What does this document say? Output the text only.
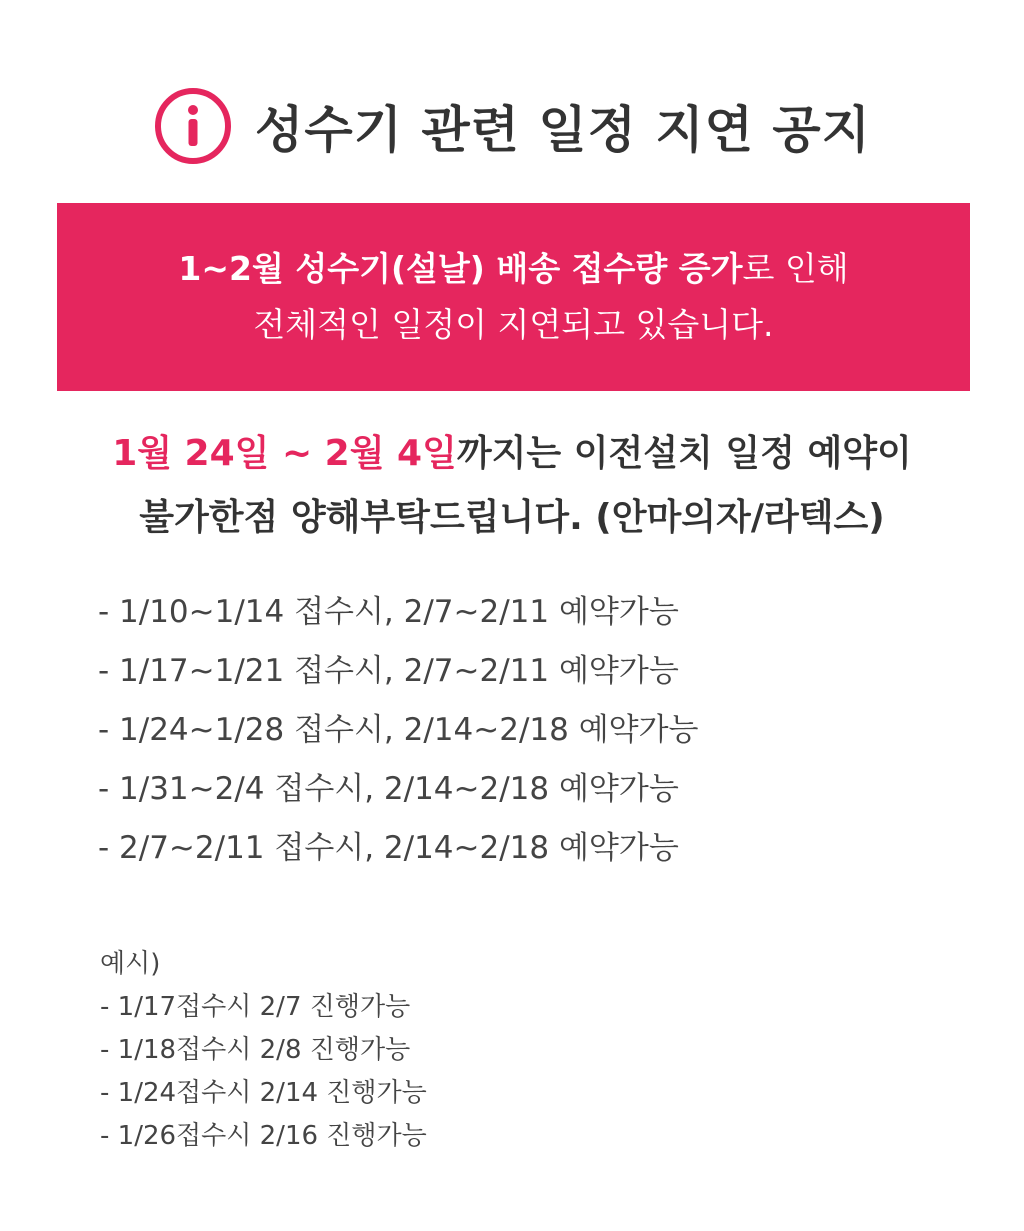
성수기 관련 일정 지연 공지
1~2월 성수기(설날) 배송 접수량 증가로 인해
전체적인 일정이 지연되고 있습니다.
1월 24일 ~ 2월 4일까지는 이전설치 일정 예약이
불가한점 양해부탁드립니다. (안마의자/라텍스)
- 1/10~1/14 접수시, 2/7~2/11 예약가능
- 1/17~1/21 접수시, 2/7~2/11 예약가능
- 1/24~1/28 접수시, 2/14~2/18 예약가능
- 1/31~2/4 접수시, 2/14~2/18 예약가능
- 2/7~2/11 접수시, 2/14~2/18 예약가능
예시)
- 1/17접수시 2/7 진행가능
- 1/18접수시 2/8 진행가능
- 1/24접수시 2/14 진행가능
- 1/26접수시 2/16 진행가능
